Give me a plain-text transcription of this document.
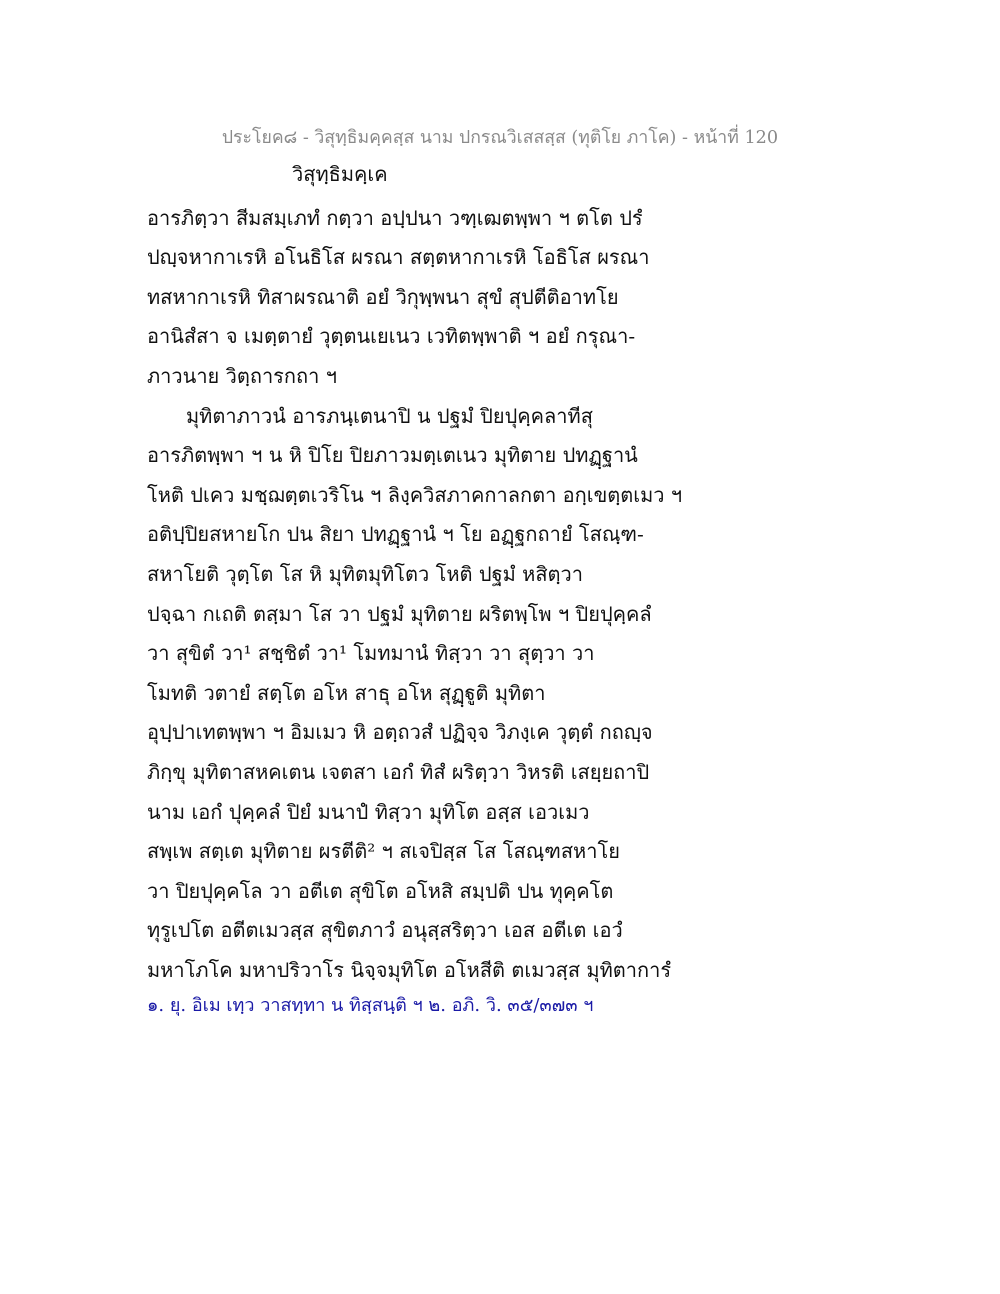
ประโยค๘ - วิสุทฺธิมคฺคสฺส นาม ปกรณวิเสสสฺส (ทุติโย ภาโค) - หน้าที่ 120
วิสุทฺธิมคฺเค
อารภิตฺวา สีมสมฺเภทํ กตฺวา อปฺปนา วฑฺเฒตพฺพา ฯ ตโต ปรํ
ปญฺจหากาเรหิ อโนธิโส ผรณา สตฺตหากาเรหิ โอธิโส ผรณา
ทสหากาเรหิ ทิสาผรณาติ อยํ วิกุพฺพนา สุขํ สุปตีติอาทโย
อานิสํสา จ เมตฺตายํ วุตฺตนเยเนว เวทิตพฺพาติ ฯ อยํ กรุณา-
ภาวนาย วิตฺถารกถา ฯ
มุทิตาภาวนํ อารภนฺเตนาปิ น ปฐมํ ปิยปุคฺคลาทีสุ
อารภิตพฺพา ฯ น หิ ปิโย ปิยภาวมตฺเตเนว มุทิตาย ปทฏฺฐานํ
โหติ ปเคว มชฺฌตฺตเวริโน ฯ ลิงฺควิสภาคกาลกตา อกฺเขตฺตเมว ฯ
อติปฺปิยสหายโก ปน สิยา ปทฏฺฐานํ ฯ โย อฏฺฐกถายํ โสณฺฑ-
สหาโยติ วุตฺโต โส หิ มุทิตมุทิโตว โหติ ปฐมํ หสิตฺวา
ปจฺฉา กเถติ ตสฺมา โส วา ปฐมํ มุทิตาย ผริตพฺโพ ฯ ปิยปุคฺคลํ
วา สุขิตํ วา¹ สชฺชิตํ วา¹ โมทมานํ ทิสฺวา วา สุตฺวา วา
โมทติ วตายํ สตฺโต อโห สาธุ อโห สุฏฺฐูติ มุทิตา
อุปฺปาเทตพฺพา ฯ อิมเมว หิ อตฺถวสํ ปฏิจฺจ วิภงฺเค วุตฺตํ กถญฺจ
ภิกฺขุ มุทิตาสหคเตน เจตสา เอกํ ทิสํ ผริตฺวา วิหรติ เสยฺยถาปิ
นาม เอกํ ปุคฺคลํ ปิยํ มนาปํ ทิสฺวา มุทิโต อสฺส เอวเมว
สพฺเพ สตฺเต มุทิตาย ผรตีติ² ฯ สเจปิสฺส โส โสณฺฑสหาโย
วา ปิยปุคฺคโล วา อตีเต สุขิโต อโหสิ สมฺปติ ปน ทุคฺคโต
ทุรูเปโต อตีตเมวสฺส สุขิตภาวํ อนุสฺสริตฺวา เอส อตีเต เอวํ
มหาโภโค มหาปริวาโร นิจฺจมุทิโต อโหสีติ ตเมวสฺส มุทิตาการํ
๑. ยุ. อิเม เทฺว วาสทฺทา น ทิสฺสนฺติ ฯ ๒. อภิ. วิ. ๓๕/๓๗๓ ฯ
